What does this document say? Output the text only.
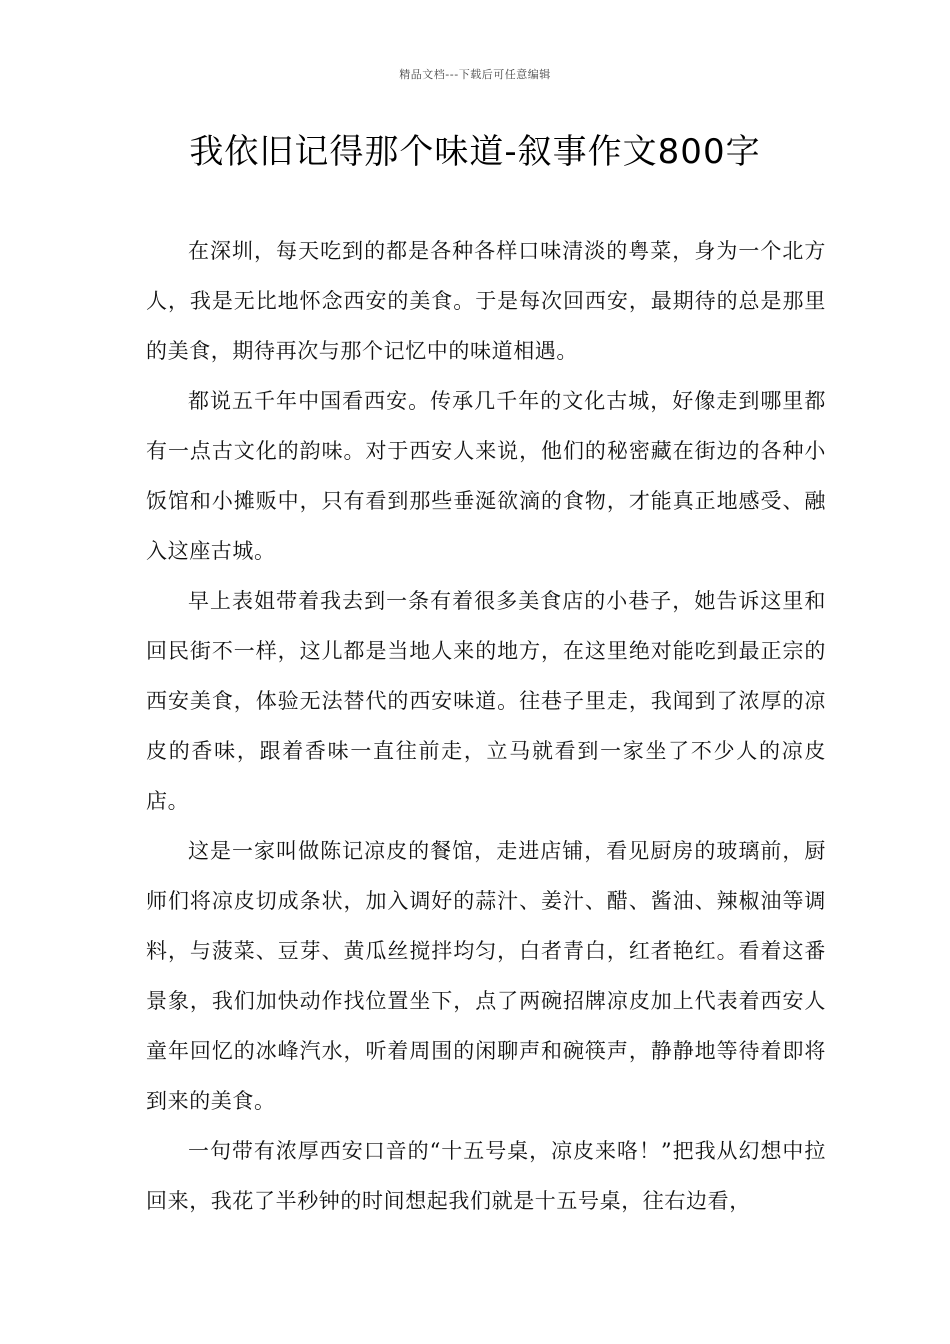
精品文档---下载后可任意编辑
我依旧记得那个味道-叙事作文800字

在深圳，每天吃到的都是各种各样口味清淡的粤菜，身为一个北方人，我是无比地怀念西安的美食。于是每次回西安，最期待的总是那里的美食，期待再次与那个记忆中的味道相遇。

都说五千年中国看西安。传承几千年的文化古城，好像走到哪里都有一点古文化的韵味。对于西安人来说，他们的秘密藏在街边的各种小饭馆和小摊贩中，只有看到那些垂涎欲滴的食物，才能真正地感受、融入这座古城。

早上表姐带着我去到一条有着很多美食店的小巷子，她告诉这里和回民街不一样，这儿都是当地人来的地方，在这里绝对能吃到最正宗的西安美食，体验无法替代的西安味道。往巷子里走，我闻到了浓厚的凉皮的香味，跟着香味一直往前走，立马就看到一家坐了不少人的凉皮店。

这是一家叫做陈记凉皮的餐馆，走进店铺，看见厨房的玻璃前，厨师们将凉皮切成条状，加入调好的蒜汁、姜汁、醋、酱油、辣椒油等调料，与菠菜、豆芽、黄瓜丝搅拌均匀，白者青白，红者艳红。看着这番景象，我们加快动作找位置坐下，点了两碗招牌凉皮加上代表着西安人童年回忆的冰峰汽水，听着周围的闲聊声和碗筷声，静静地等待着即将到来的美食。

一句带有浓厚西安口音的“十五号桌，凉皮来咯！”把我从幻想中拉回来，我花了半秒钟的时间想起我们就是十五号桌，往右边看，
